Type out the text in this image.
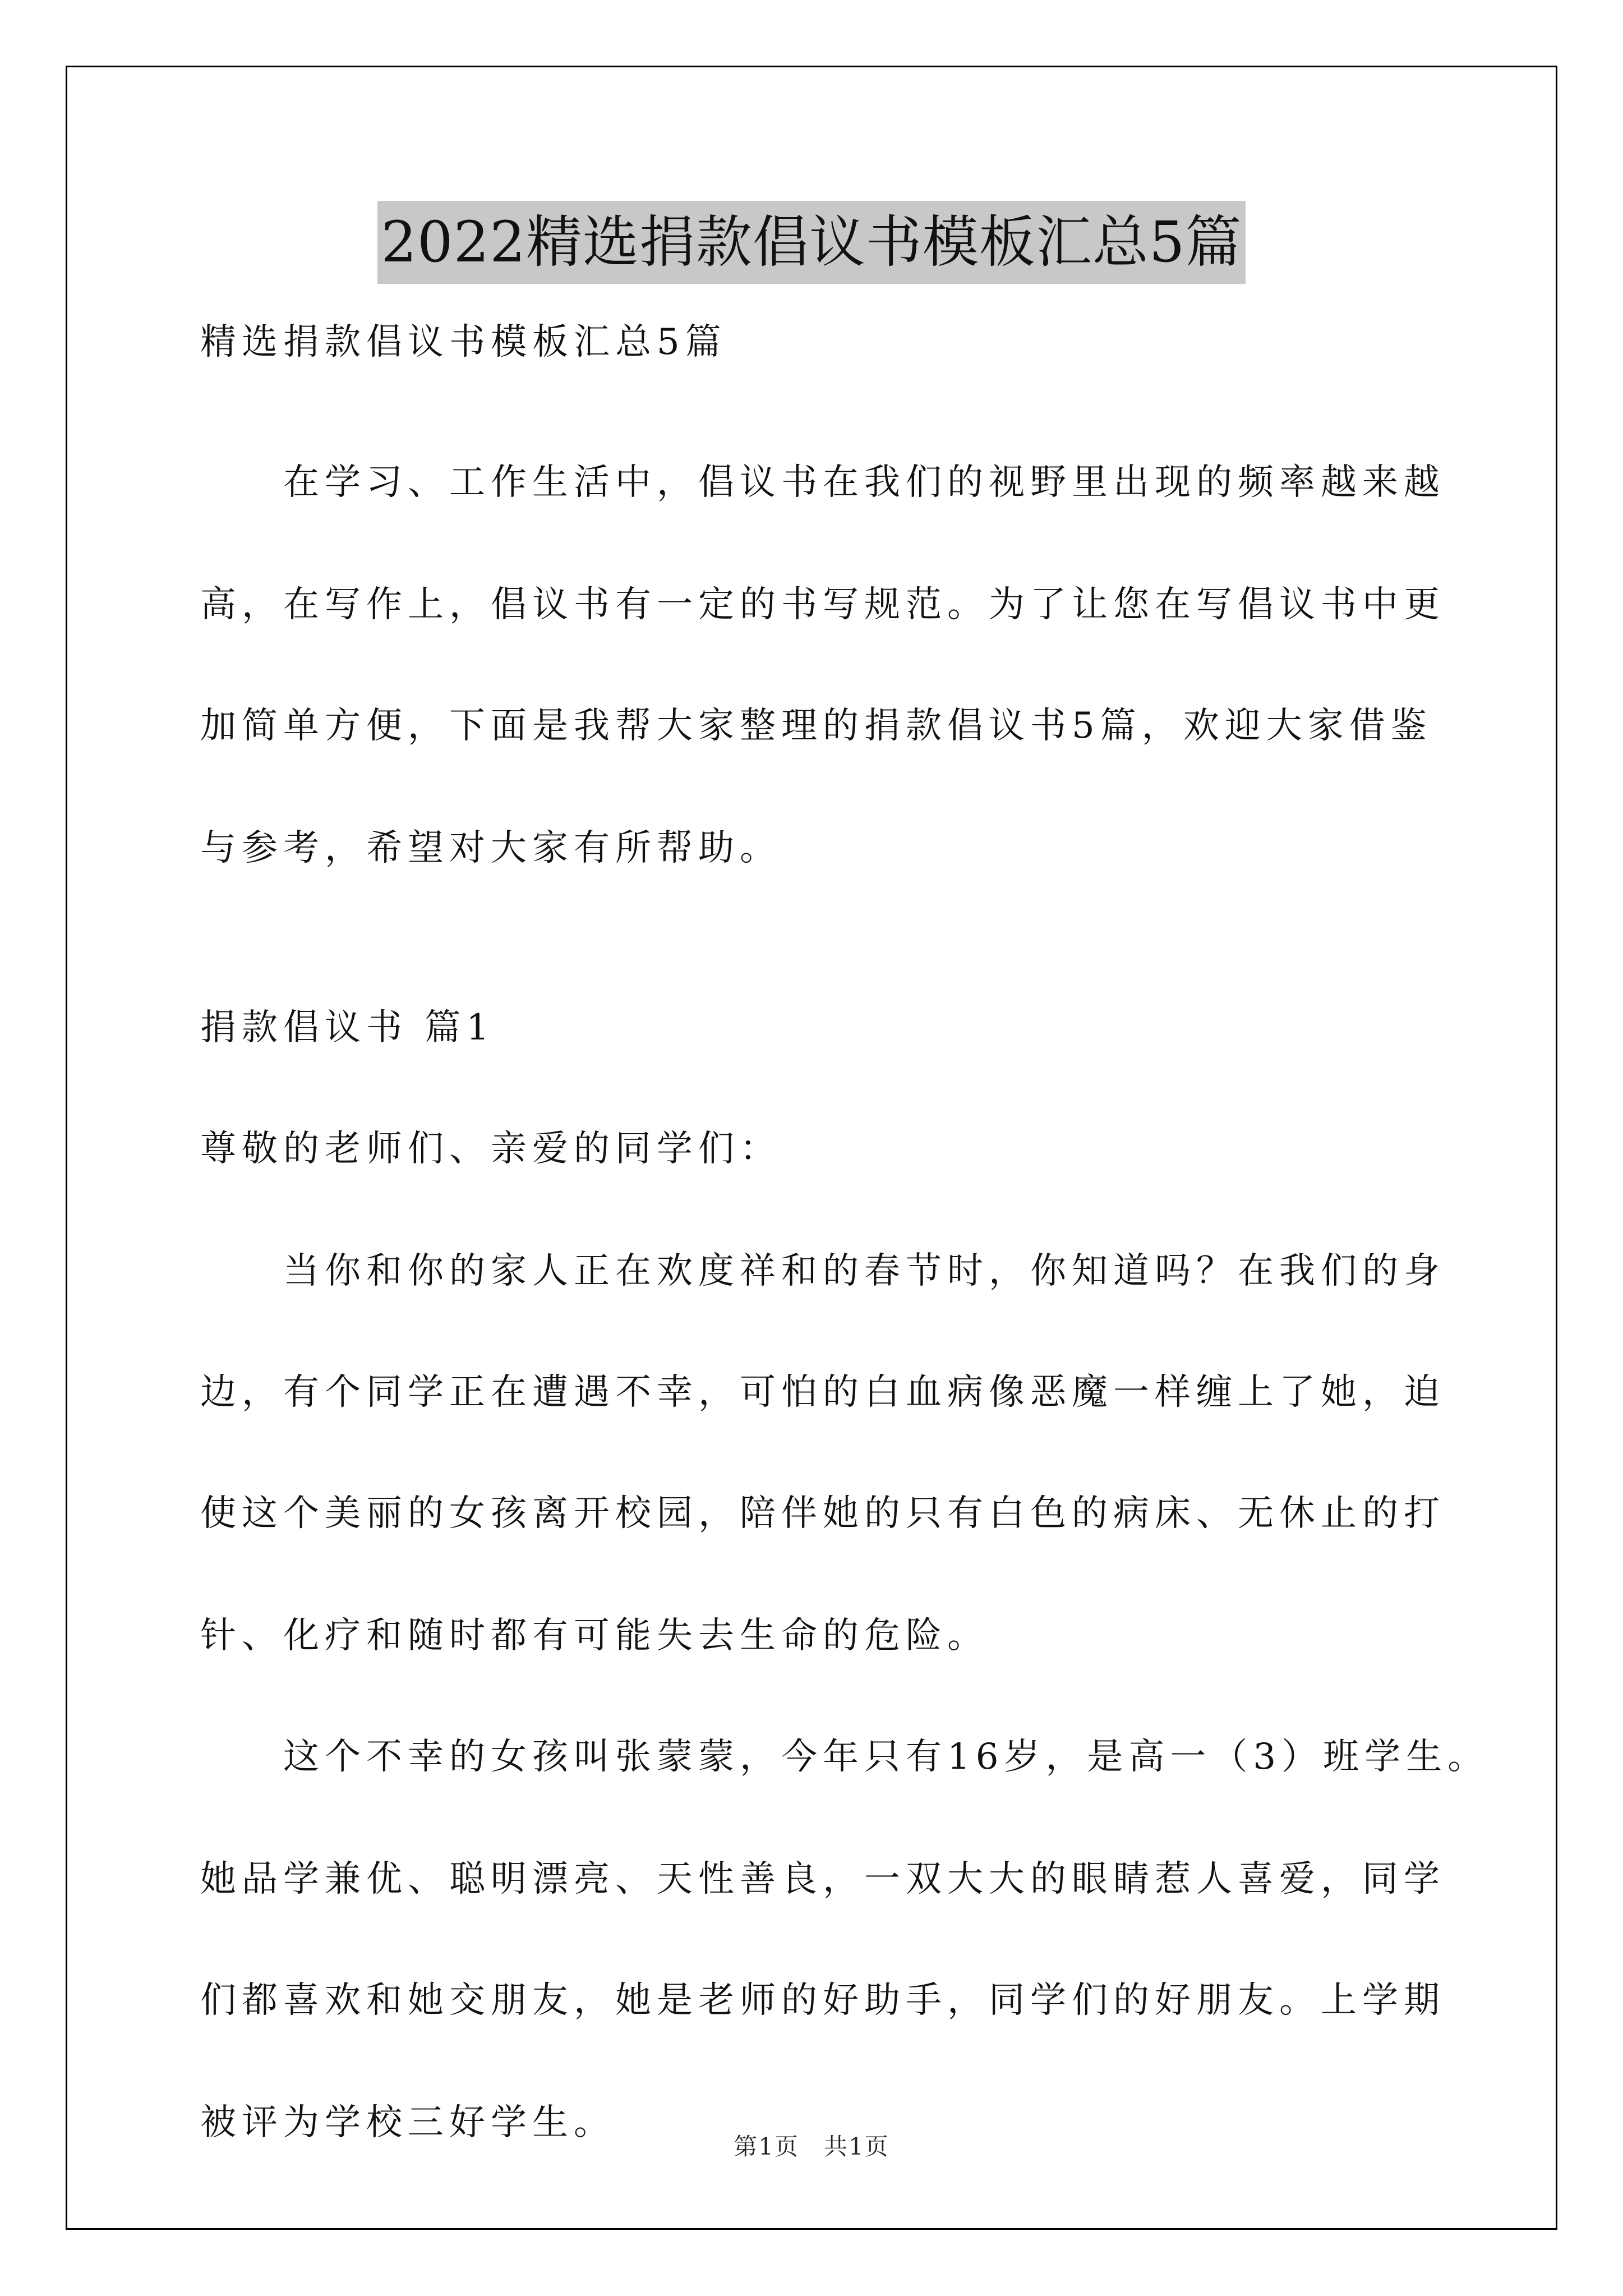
2022精选捐款倡议书模板汇总5篇
精选捐款倡议书模板汇总5篇
　　在学习、工作生活中，倡议书在我们的视野里出现的频率越来越
高，在写作上，倡议书有一定的书写规范。为了让您在写倡议书中更
加简单方便，下面是我帮大家整理的捐款倡议书5篇，欢迎大家借鉴
与参考，希望对大家有所帮助。
捐款倡议书 篇1
尊敬的老师们、亲爱的同学们：
　　当你和你的家人正在欢度祥和的春节时，你知道吗？在我们的身
边，有个同学正在遭遇不幸，可怕的白血病像恶魔一样缠上了她，迫
使这个美丽的女孩离开校园，陪伴她的只有白色的病床、无休止的打
针、化疗和随时都有可能失去生命的危险。
　　这个不幸的女孩叫张蒙蒙，今年只有16岁，是高一（3）班学生。
她品学兼优、聪明漂亮、天性善良，一双大大的眼睛惹人喜爱，同学
们都喜欢和她交朋友，她是老师的好助手，同学们的好朋友。上学期
被评为学校三好学生。
第1页　共1页
